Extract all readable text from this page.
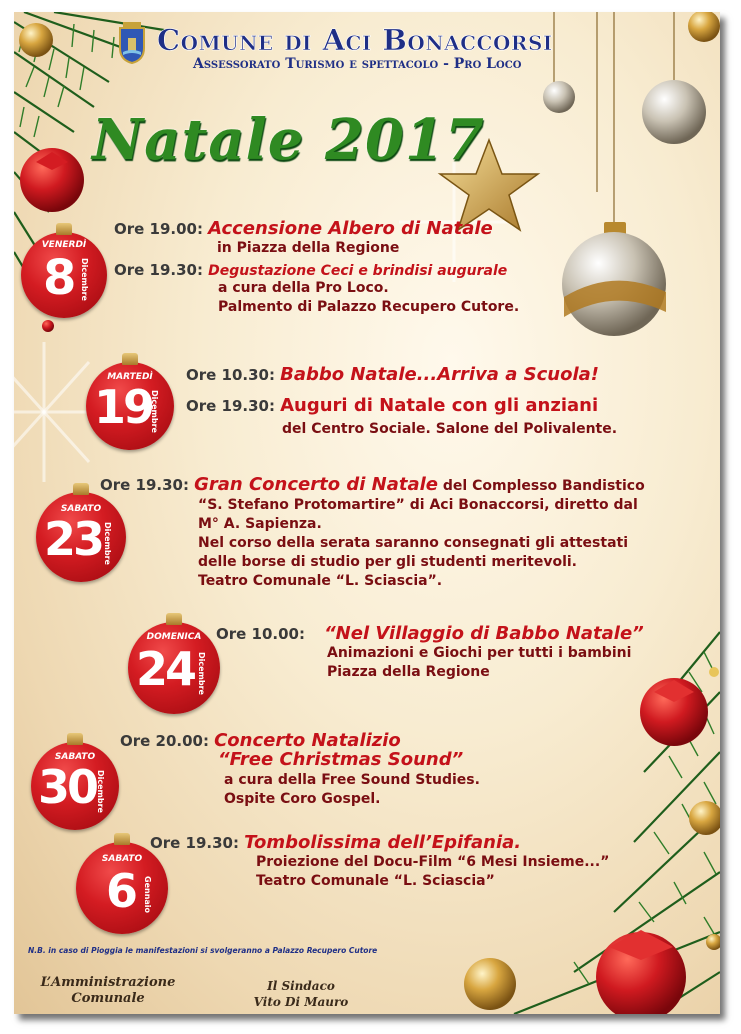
Comune di Aci Bonaccorsi
Assessorato Turismo e spettacolo - Pro Loco
Natale 2017
VENERDÌ
8 Dicembre
Ore 19.00: Accensione Albero di Natale
in Piazza della Regione
Ore 19.30: Degustazione Ceci e brindisi augurale
a cura della Pro Loco.
Palmento di Palazzo Recupero Cutore.
MARTEDÌ
19
Dicembre
Ore 10.30: Babbo Natale...Arriva a Scuola!
Ore 19.30: Auguri di Natale con gli anziani
del Centro Sociale. Salone del Polivalente.
SABATO
23 Dicembre
Ore 19.30: Gran Concerto di Natale del Complesso Bandistico
“S. Stefano Protomartire” di Aci Bonaccorsi, diretto dal
M° A. Sapienza.
Nel corso della serata saranno consegnati gli attestati
delle borse di studio per gli studenti meritevoli.
Teatro Comunale “L. Sciascia”.
DOMENICA
24 Dicembre
Ore 10.00: “Nel Villaggio di Babbo Natale”
Animazioni e Giochi per tutti i bambini
Piazza della Regione
SABATO
30 Dicembre
Ore 20.00: Concerto Natalizio
“Free Christmas Sound”
a cura della Free Sound Studies.
Ospite Coro Gospel.
SABATO
6 Gennaio
Ore 19.30: Tombolissima dell’Epifania.
Proiezione del Docu-Film “6 Mesi Insieme...”
Teatro Comunale “L. Sciascia”
N.B. in caso di Pioggia le manifestazioni si svolgeranno a Palazzo Recupero Cutore
L’Amministrazione
Comunale
Il Sindaco
Vito Di Mauro
